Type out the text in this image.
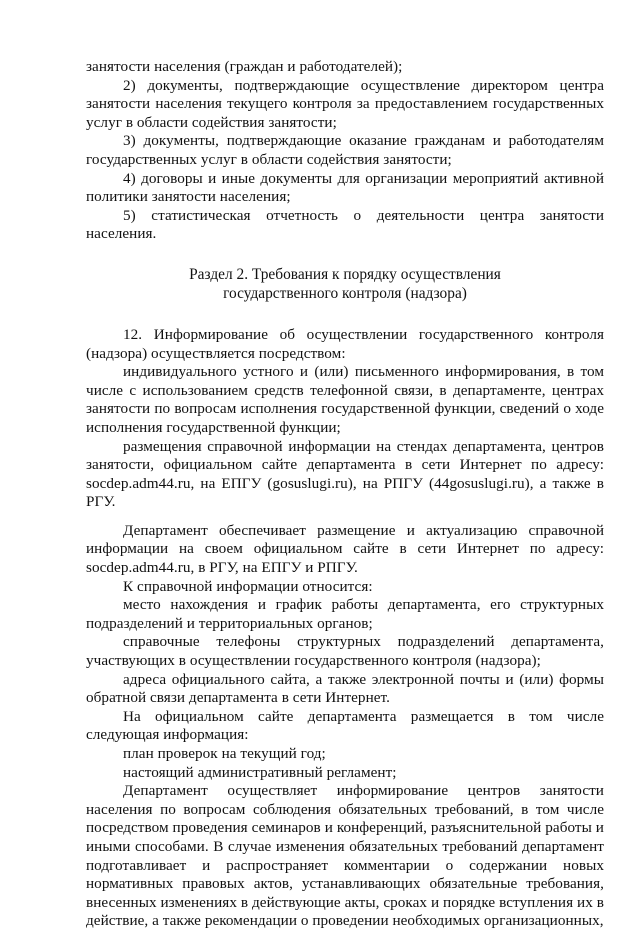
занятости населения (граждан и работодателей);

2) документы, подтверждающие осуществление директором центра занятости населения текущего контроля за предоставлением государственных услуг в области содействия занятости;

3) документы, подтверждающие оказание гражданам и работодателям государственных услуг в области содействия занятости;

4) договоры и иные документы для организации мероприятий активной политики занятости населения;

5) статистическая отчетность о деятельности центра занятости населения.

Раздел 2. Требования к порядку осуществления
государственного контроля (надзора)

12. Информирование об осуществлении государственного контроля (надзора) осуществляется посредством:

индивидуального устного и (или) письменного информирования, в том числе с использованием средств телефонной связи, в департаменте, центрах занятости по вопросам исполнения государственной функции, сведений о ходе исполнения государственной функции;

размещения справочной информации на стендах департамента, центров занятости, официальном сайте департамента в сети Интернет по адресу: socdep.adm44.ru, на ЕПГУ (gosuslugi.ru), на РПГУ (44gosuslugi.ru), а также в РГУ.

Департамент обеспечивает размещение и актуализацию справочной информации на своем официальном сайте в сети Интернет по адресу: socdep.adm44.ru, в РГУ, на ЕПГУ и РПГУ.

К справочной информации относится:

место нахождения и график работы департамента, его структурных подразделений и территориальных органов;

справочные телефоны структурных подразделений департамента, участвующих в осуществлении государственного контроля (надзора);

адреса официального сайта, а также электронной почты и (или) формы обратной связи департамента в сети Интернет.

На официальном сайте департамента размещается в том числе следующая информация:

план проверок на текущий год;

настоящий административный регламент;

Департамент осуществляет информирование центров занятости населения по вопросам соблюдения обязательных требований, в том числе посредством проведения семинаров и конференций, разъяснительной работы и иными способами. В случае изменения обязательных требований департамент подготавливает и распространяет комментарии о содержании новых нормативных правовых актов, устанавливающих обязательные требования, внесенных изменениях в действующие акты, сроках и порядке вступления их в действие, а также рекомендации о проведении необходимых организационных,
